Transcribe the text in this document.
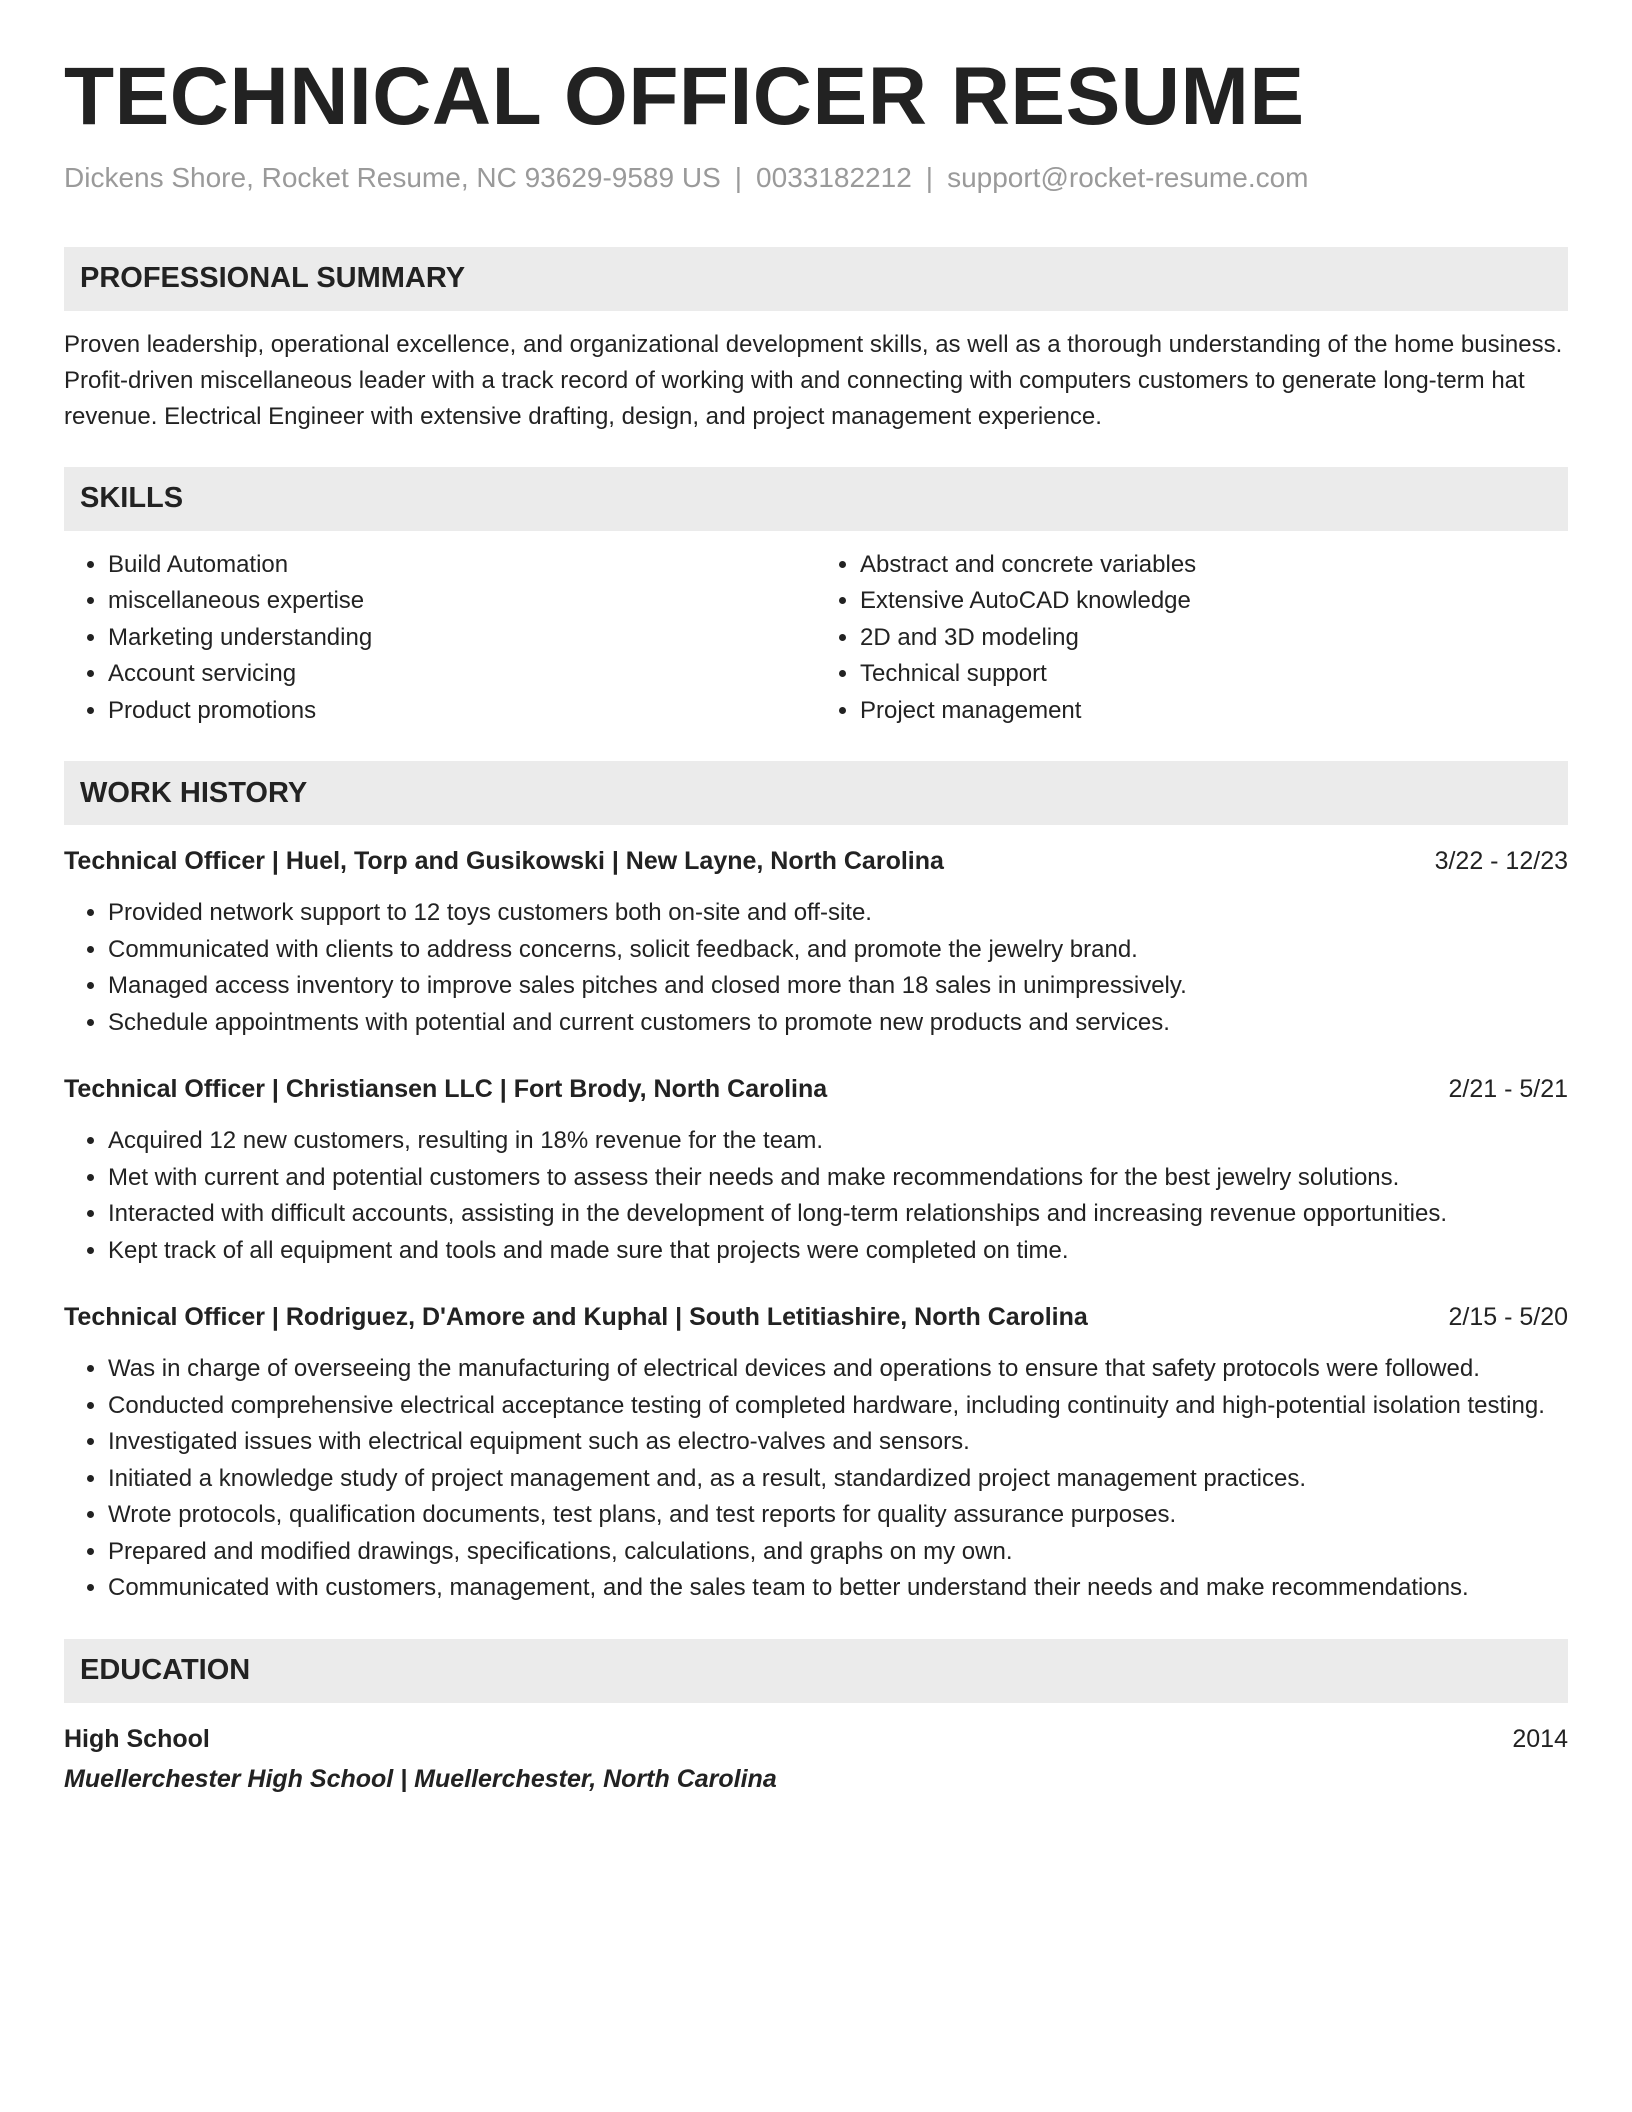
TECHNICAL OFFICER RESUME
Dickens Shore, Rocket Resume, NC 93629-9589 US | 0033182212 | support@rocket-resume.com
PROFESSIONAL SUMMARY
Proven leadership, operational excellence, and organizational development skills, as well as a thorough understanding of the home business. Profit-driven miscellaneous leader with a track record of working with and connecting with computers customers to generate long-term hat revenue. Electrical Engineer with extensive drafting, design, and project management experience.
SKILLS
• Build Automation
• miscellaneous expertise
• Marketing understanding
• Account servicing
• Product promotions
• Abstract and concrete variables
• Extensive AutoCAD knowledge
• 2D and 3D modeling
• Technical support
• Project management
WORK HISTORY
Technical Officer | Huel, Torp and Gusikowski | New Layne, North Carolina	3/22 - 12/23
• Provided network support to 12 toys customers both on-site and off-site.
• Communicated with clients to address concerns, solicit feedback, and promote the jewelry brand.
• Managed access inventory to improve sales pitches and closed more than 18 sales in unimpressively.
• Schedule appointments with potential and current customers to promote new products and services.
Technical Officer | Christiansen LLC | Fort Brody, North Carolina	2/21 - 5/21
• Acquired 12 new customers, resulting in 18% revenue for the team.
• Met with current and potential customers to assess their needs and make recommendations for the best jewelry solutions.
• Interacted with difficult accounts, assisting in the development of long-term relationships and increasing revenue opportunities.
• Kept track of all equipment and tools and made sure that projects were completed on time.
Technical Officer | Rodriguez, D'Amore and Kuphal | South Letitiashire, North Carolina	2/15 - 5/20
• Was in charge of overseeing the manufacturing of electrical devices and operations to ensure that safety protocols were followed.
• Conducted comprehensive electrical acceptance testing of completed hardware, including continuity and high-potential isolation testing.
• Investigated issues with electrical equipment such as electro-valves and sensors.
• Initiated a knowledge study of project management and, as a result, standardized project management practices.
• Wrote protocols, qualification documents, test plans, and test reports for quality assurance purposes.
• Prepared and modified drawings, specifications, calculations, and graphs on my own.
• Communicated with customers, management, and the sales team to better understand their needs and make recommendations.
EDUCATION
High School	2014
Muellerchester High School | Muellerchester, North Carolina
